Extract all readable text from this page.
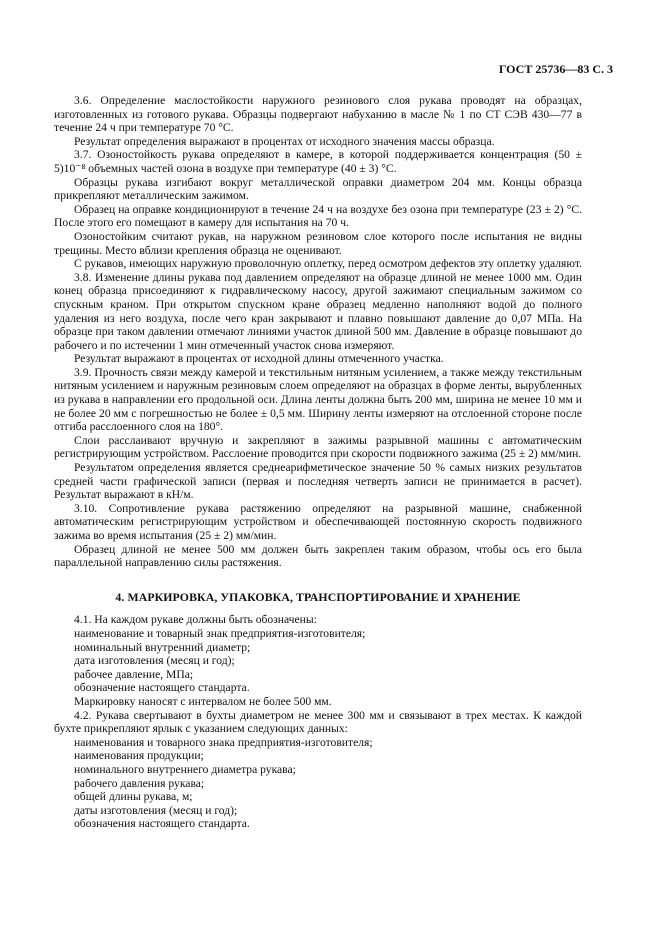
ГОСТ 25736—83 С. 3

3.6. Определение маслостойкости наружного резинового слоя рукава проводят на образцах, изготовленных из готового рукава. Образцы подвергают набуханию в масле № 1 по СТ СЭВ 430—77 в течение 24 ч при температуре 70 °С.

Результат определения выражают в процентах от исходного значения массы образца.

3.7. Озоностойкость рукава определяют в камере, в которой поддерживается концентрация (50 ± 5)10⁻⁸ объемных частей озона в воздухе при температуре (40 ± 3) °С.

Образцы рукава изгибают вокруг металлической оправки диаметром 204 мм. Концы образца прикрепляют металлическим зажимом.

Образец на оправке кондиционируют в течение 24 ч на воздухе без озона при температуре (23 ± 2) °С. После этого его помещают в камеру для испытания на 70 ч.

Озоностойким считают рукав, на наружном резиновом слое которого после испытания не видны трещины. Место вблизи крепления образца не оценивают.

С рукавов, имеющих наружную проволочную оплетку, перед осмотром дефектов эту оплетку удаляют.

3.8. Изменение длины рукава под давлением определяют на образце длиной не менее 1000 мм. Один конец образца присоединяют к гидравлическому насосу, другой зажимают специальным зажимом со спускным краном. При открытом спускном кране образец медленно наполняют водой до полного удаления из него воздуха, после чего кран закрывают и плавно повышают давление до 0,07 МПа. На образце при таком давлении отмечают линиями участок длиной 500 мм. Давление в образце повышают до рабочего и по истечении 1 мин отмеченный участок снова измеряют.

Результат выражают в процентах от исходной длины отмеченного участка.

3.9. Прочность связи между камерой и текстильным нитяным усилением, а также между текстильным нитяным усилением и наружным резиновым слоем определяют на образцах в форме ленты, вырубленных из рукава в направлении его продольной оси. Длина ленты должна быть 200 мм, ширина не менее 10 мм и не более 20 мм с погрешностью не более ± 0,5 мм. Ширину ленты измеряют на отслоенной стороне после отгиба расслоенного слоя на 180°.

Слои расслаивают вручную и закрепляют в зажимы разрывной машины с автоматическим регистрирующим устройством. Расслоение проводится при скорости подвижного зажима (25 ± 2) мм/мин.

Результатом определения является среднеарифметическое значение 50 % самых низких результатов средней части графической записи (первая и последняя четверть записи не принимается в расчет). Результат выражают в кН/м.

3.10. Сопротивление рукава растяжению определяют на разрывной машине, снабженной автоматическим регистрирующим устройством и обеспечивающей постоянную скорость подвижного зажима во время испытания (25 ± 2) мм/мин.

Образец длиной не менее 500 мм должен быть закреплен таким образом, чтобы ось его была параллельной направлению силы растяжения.

4. МАРКИРОВКА, УПАКОВКА, ТРАНСПОРТИРОВАНИЕ И ХРАНЕНИЕ

4.1. На каждом рукаве должны быть обозначены:

наименование и товарный знак предприятия-изготовителя;

номинальный внутренний диаметр;

дата изготовления (месяц и год);

рабочее давление, МПа;

обозначение настоящего стандарта.

Маркировку наносят с интервалом не более 500 мм.

4.2. Рукава свертывают в бухты диаметром не менее 300 мм и связывают в трех местах. К каждой бухте прикрепляют ярлык с указанием следующих данных:

наименования и товарного знака предприятия-изготовителя;

наименования продукции;

номинального внутреннего диаметра рукава;

рабочего давления рукава;

общей длины рукава, м;

даты изготовления (месяц и год);

обозначения настоящего стандарта.
